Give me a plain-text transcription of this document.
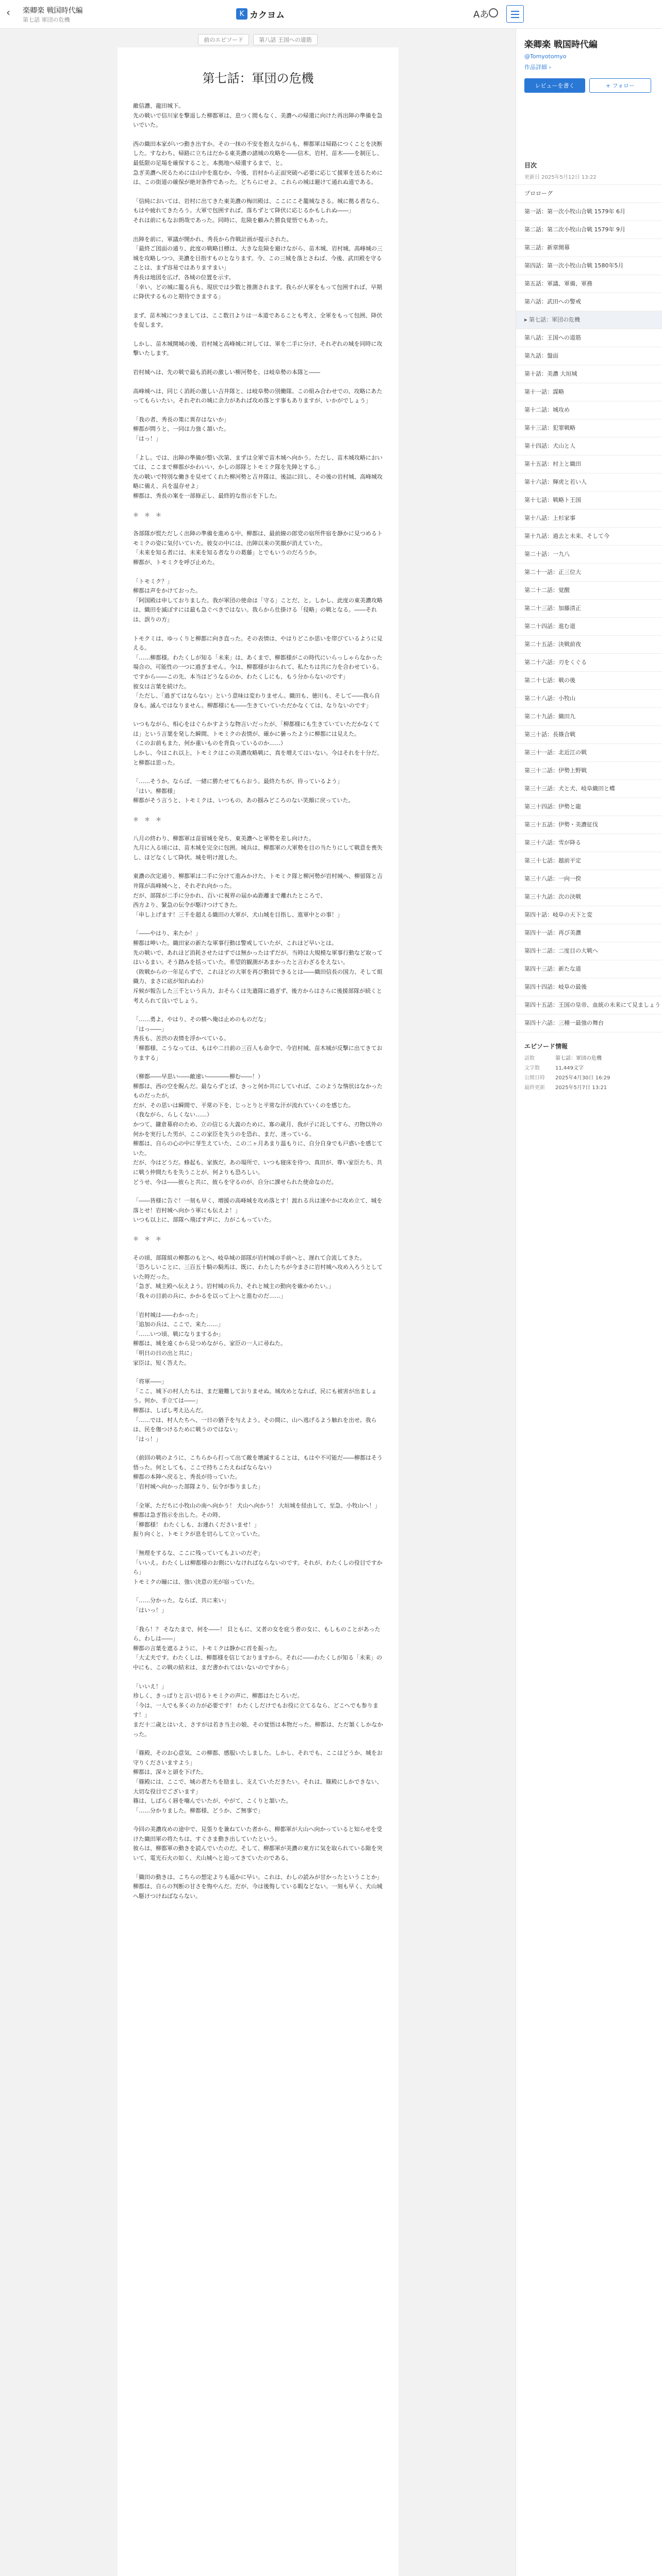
‹	楽卿楽 戦国時代編
第七話 軍団の危機
K カクヨム	Aあ
前のエピソード	第八話 王国への道筋
第七話：軍団の危機

敵信濃、龍田城下。
先の戦いで信川家を撃退した柳都軍は、息つく間もなく、美濃への帰還に向けた再出陣の準備を急いでいた。

西の織田本家がいつ動き出すか。その一抹の不安を抱えながらも、柳都軍は帰路につくことを決断した。すなわち、帰路に立ちはだかる東美濃の諸城の攻略を――信木、岩村、苗木――を制圧し、最低限の足場を確保すること。本拠地へ帰還するまで、と。
急ぎ美濃へ戻るためには山中を進むか、今後、岩村から正面突破へ必要に応じて援軍を送るためには、この街道の確保が絶対条件であった。どちらにせよ、これらの城は避けて通れぬ道である。

「信純においては、岩村に出てきた東美濃の梅田殿は、ここにこそ籠城なさる。城に拠る者なら、もはや疲れてきたろう。大軍で包囲すれば、落ちずとて降伏に応じるかもしれぬ――」
それは前にもなお朗哉であった。同時に、危険を顧みた勝負覚悟でもあった。

出陣を前に、軍議が開かれ、秀長から作戦計画が提示された。
「最終ご図面の通り、此度の戦略目標は、大きな危険を避けながら、苗木城、岩村城、高峰城の三城を攻略しつつ、美濃を目指すものとなります。今、この三城を落とさねば、今後、武田殿を守ることは、まず容易ではありますまい」
秀長は地図を広げ、各城の位置を示す。
「幸い、どの城に籠る兵も、現状では少数と推測されます。我らが大軍をもって包囲すれば、早期に降伏するものと期待できまする」

まず、苗木城につきましては、ここ数日よりは一本道であることも考え、全軍をもって包囲、降伏を促します。

しかし、苗木城開城の後、岩村城と高峰城に対しては、軍を二手に分け、それぞれの城を同時に攻撃いたします。

岩村城へは、先の戦で最も消耗の激しい柳河勢を、は岐阜勢の本隊と――

高峰城へは、同じく消耗の激しい吉井隊と、は岐阜勢の別働隊。この組み合わせでの、攻略にあたってもらいたい。それぞれの城に余力があれば攻め落とす事もありますが、いかがでしょう」

「我の者、秀長の策に異存はないか」
柳都が問うと、一同は力強く頷いた。
「はっ！」

「よし。では、出陣の準備が整い次第、まずは全軍で苗木城へ向かう。ただし、苗木城攻略においては、ここまで柳都がかわいい、かしの部隊とトモミク隊を先陣とする。」
先の戦いで特別な働きを見せてくれた柳河勢と吉井隊は、後詰に回し、その後の岩村城、高峰城攻略に備え、兵を温存せよ」
柳都は、秀長の案を一部修正し、最終的な指示を下した。

＊　＊　＊

各部隊が慌ただしく出陣の準備を進める中、柳都は、最前線の郎党の宿所件宿を静かに見つめるトモミクの姿に気付いていた。彼女の中には、出陣以来の笑顔が消えていた。
「未来を知る者には、未来を知る者なりの葛藤」とでもいうのだろうか。
柳都が、トモミクを呼び止めた。

「トモミク？」
柳都は声をかけておった。
「阿国殿は申しておりました。我が軍団の使命は「守る」ことだ、と。しかし、此度の東美濃攻略は、織田を滅ぼすには最も急ぐべきではない。我らから仕掛ける「侵略」の戦となる。――それは、誤りの方」

トモクミは、ゆっくりと柳都に向き直った。その表情は、やはりどこか思いを帯びているように見える。
「……柳都様。わたくしが知る「未来」は、あくまで、柳都様がこの時代にいらっしゃらなかった場合の、可能性の一つに過ぎません。今は、柳都様がおられて、私たちは共に力を合わせている。ですから――この先、本当はどうなるのか、わたくしにも、もう分からないのです」
彼女は言葉を続けた。
「ただし、「過ぎてはならない」という意味は変わりません。織田も、徳川も、そして――我ら自身も。滅んではなりません。柳都様にも――生きていていただかなくては、なりないのです」

いつもながら、相心をはぐらかすような物言いだったが、「柳都様にも生きていていただかなくては」という言葉を発した瞬間、トモミクの表情が、確かに曇ったように柳都には見えた。
（このお前もまた、何か重いものを背負っているのか……）
しかし、今はこれ以上、トモミクはこの美濃攻略戦に、真を増えてはいない。今はそれを十分だ、と柳都は思った。

「……そうか。ならば、一緒に勝たせてもらおう。最終たちが、待っているよう」
「はい。柳都様」
柳都がそう言うと、トモミクは、いつもの、あの掴みどころのない笑顔に戻っていた。

＊　＊　＊

八月の終わり、柳都軍は苗留城を発ち、東美濃へと軍勢を差し向けた。
九月に入る頃には、苗木城を完全に包囲。城兵は、柳都軍の大軍勢を目の当たりにして戦意を喪失し、ほどなくして降伏。城を明け渡した。

東濃の次定通り、柳都軍は二手に分けて進みかけた、トモミク隊と柳河勢が岩村城へ、柳留隊と吉井隊が高峰城へと、それぞれ向かった。
だが、部隊が二手に分かれ、百いに視界の届かぬ距離まで離れたところで、
西方より、緊急の伝令が駆けつけてきた。
「申し上げます！三千を超える織田の大軍が、犬山城を目指し、進軍中との事！」

「――やはり、来たか！」
柳都は呻いた。織田家の新たな軍事行動は警戒していたが、これほど早いとは。
先の戦いで、あれほど消耗させたはずでは無かったはずだが。当時は大規模な軍事行動など取ってはいるまい。そう踏みを括っていた。希望的観測があまかったと言わざるをえない。
（敗戦からの一年足らずで、これほどの大軍を再び動員できるとは――織田信長の国力、そして組織力、まさに底が知れぬわ）
斥候が報告した三千という兵力、おそらくは先遣隊に過ぎず、後方からはさらに後援部隊が続くと考えられて良いでしょう。

「……勇よ、やはり、その横へ俺は止めのものだな」
「はっ――」
秀長も、苦渋の表情を浮かべている。
「柳都様、こうなっては、もはや二日前の三百人も命令で、今岩村城、苗木城が反撃に出てきておりまする」

（柳都――早思い――敵速い――――柳む――！）
柳都は、西の空を睨んだ。最ならずとば、きっと何か共にしていれば、このような惰状はなかったものだったが。
だが、その思いは瞬間で、平常の下を、じっとりと平常な汗が流れていくのを感じた。
（我ながら、らしくない……）
かつて、鎌倉幕府のため、立の信じる大義のために、寡の歳月、我が子に託してすら、刃物以外の何かを実行した男が、ここの家臣を失うのを恐れ、まだ、迷っている。
柳都は、自らの心の中に芽生えていた、この二ヶ月あまり温もりに、自分自身でも戸惑いを感じていた。
だが、今はどうだ。蜂起も、家族だ。あの場所で、いつも寝床を待つ、真田が、尊い家臣たち、共に戦う仲間たちを失うことが、何よりも恐ろしい。
どうせ、今は――彼らと共に、彼らを守るのが、自分に課せられた使命なのだ。

「――皆様に告ぐ！一刻も早く、増援の高峰城を攻め落とす！渡れる兵は速やかに攻め立て、城を落とせ！岩村城へ向かう軍にも伝えよ！」
いつも以上に、部隊へ飛ばす声に、力がこもっていた。

＊　＊　＊

その頃、部隊組の柳都のもとへ、岐阜城の部隊が岩村城の手前へと、遅れて合流してきた。
「恐ろしいことに、三百五十騎の騎馬は、既に、わたしたちが今まさに岩村城へ攻め入ろうとしていた時だった。
「急ぎ、城主殿へ伝えよう。岩村城の兵力、それと城主の動向を確かめたい。」
「我々の目前の兵に、かかるを以って上へと進むのだ……」

「岩村城は――わかった」
「追加の兵は、ここで、来た……」
「……いつ頃、戦になりまするか」
柳都は、城を遠くから見つめながら、家臣の一人に尋ねた。
「明日の日の出と共に」
家臣は、短く答えた。

「将軍――」
「ここ、城下の村人たちは、まだ避難しておりませぬ。城攻めとなれば、民にも被害が出ましょう。何か、手立ては――」
柳都は、しばし考え込んだ。
「……では、村人たちへ、一日の猶予を与えよう。その間に、山へ逃げるよう触れを出せ。我らは、民を傷つけるために戦うのではない」
「はっ！」

（前回の戦のように、こちらから打って出て敵を壊滅することは、もはや不可能だ――柳都はそう悟った。何としても、ここで持ちこたえねばならない）
柳都の本陣へ戻ると、秀長が待っていた。
「岩村城へ向かった部隊より、伝令が参りました」

「全軍、ただちに小牧山の南へ向かう！ 犬山へ向かう！ 大垣城を経由して、至急、小牧山へ！」
柳都は急ぎ指示を出した。その時、
「柳都様！ わたくしも、お連れくださいませ！」
振り向くと、トモミクが息を切らして立っていた。

「無理をするな、ここに残っていてもよいのだぞ」
「いいえ。わたくしは柳都様のお側にいなければならないのです。それが、わたくしの役目ですから」
トモミクの瞳には、強い決意の光が宿っていた。

「……分かった。ならば、共に来い」
「はいっ！」

「我ら！？ そなたまで、何を――！ 貝ともに、又者の女を庇う者の女に、もしものことがあったら、わしは――」
柳都の言葉を遮るように、トモミクは静かに首を振った。
「大丈夫です。わたくしは、柳都様を信じておりますから。それに――わたくしが知る「未来」の中にも、この戦の結末は、まだ書かれてはいないのですから」

「いいえ！」
珍しく、きっぱりと言い切るトモミクの声に、柳都はたじろいだ。
「今は、一人でも多くの力が必要です！ わたくしだけでもお役に立てるなら、どこへでも参ります！」
まだ十二歳とはいえ、さすがは若き当主の娘、その覚悟は本物だった。柳都は、ただ頷くしかなかった。

「篠殿、そのお心意気、この柳都、感服いたしました。しかし、それでも、ここはどうか、城をお守りくださいますよう」
柳都は、深々と頭を下げた。
「篠殿には、ここで、城の者たちを励まし、支えていただきたい。それは、篠殿にしかできない、大切な役目でございます」
篠は、しばらく唇を噛んでいたが、やがて、こくりと頷いた。
「……分かりました。柳都様、どうか、ご無事で」

今回の美濃攻めの途中で、見張りを兼ねていた者から、柳都軍が大山へ向かっていると知らせを受けた織田軍の将たちは、すぐさま動き出していたという。
彼らは、柳都軍の動きを読んでいたのだ。そして、柳都軍が美濃の東方に気を取られている隙を突いて、電光石火の如く、犬山城へと迫ってきていたのである。

「織田の動きは、こちらの想定よりも遥かに早い。これは、わしの読みが甘かったということか」
柳都は、自らの判断の甘さを悔やんだ。だが、今は後悔している暇などない。一刻も早く、犬山城へ駆けつけねばならない。

楽卿楽 戦国時代編
@Tomyotomyo
作品詳細 ›
レビューを書く	+ フォロー
目次
更新日 2025年5月12日 13:22
プロローグ
第一話：第一次小牧山合戦 1579年 6月
第二話：第二次小牧山合戦 1579年 9月
第三話：新章開幕
第四話：第一次小牧山合戦 1580年5月
第五話：軍議、軍備、軍務
第六話：武田への警戒
▸ 第七話：軍団の危機
第八話：王国への道筋
第九話：盤面
第十話：美濃 大垣城
第十一話：謀略
第十二話：城攻め
第十三話：犯罪戦略
第十四話：犬山と人
第十五話：村上と織田
第十六話：輝虎と若い人
第十七話：戦略ト王国
第十八話：上杉家事
第十九話：過去と未来、そして今
第二十話：一九八
第二十一話：正三位大
第二十二話：覚醒
第二十三話：加藤清正
第二十四話：進む道
第二十五話：決戦前夜
第二十六話：刃をくぐる
第二十七話：戦の後
第二十八話：小牧山
第二十九話：織田九
第三十話：長篠合戦
第三十一話：北近江の戦
第三十二話：伊勢上野戦
第三十三話：犬と犬、岐阜織田と蝶
第三十四話：伊勢と龍
第三十五話：伊勢・美濃征伐
第三十六話：雪が降る
第三十七話：越前平定
第三十八話：一向一揆
第三十九話：次の決戦
第四十話：岐阜の天下と変
第四十一話：再び美濃
第四十二話：二度目の大戦へ
第四十三話：新たな道
第四十四話：岐阜の最後
第四十五話：王国の皇帝、血統の未来にて見ましょう
第四十六話：三種一最強の舞台
エピソード情報
話数	第七話：軍団の危機
文字数	11,449文字
公開日時	2025年4月30日 16:29
最終更新	2025年5月7日 13:21
